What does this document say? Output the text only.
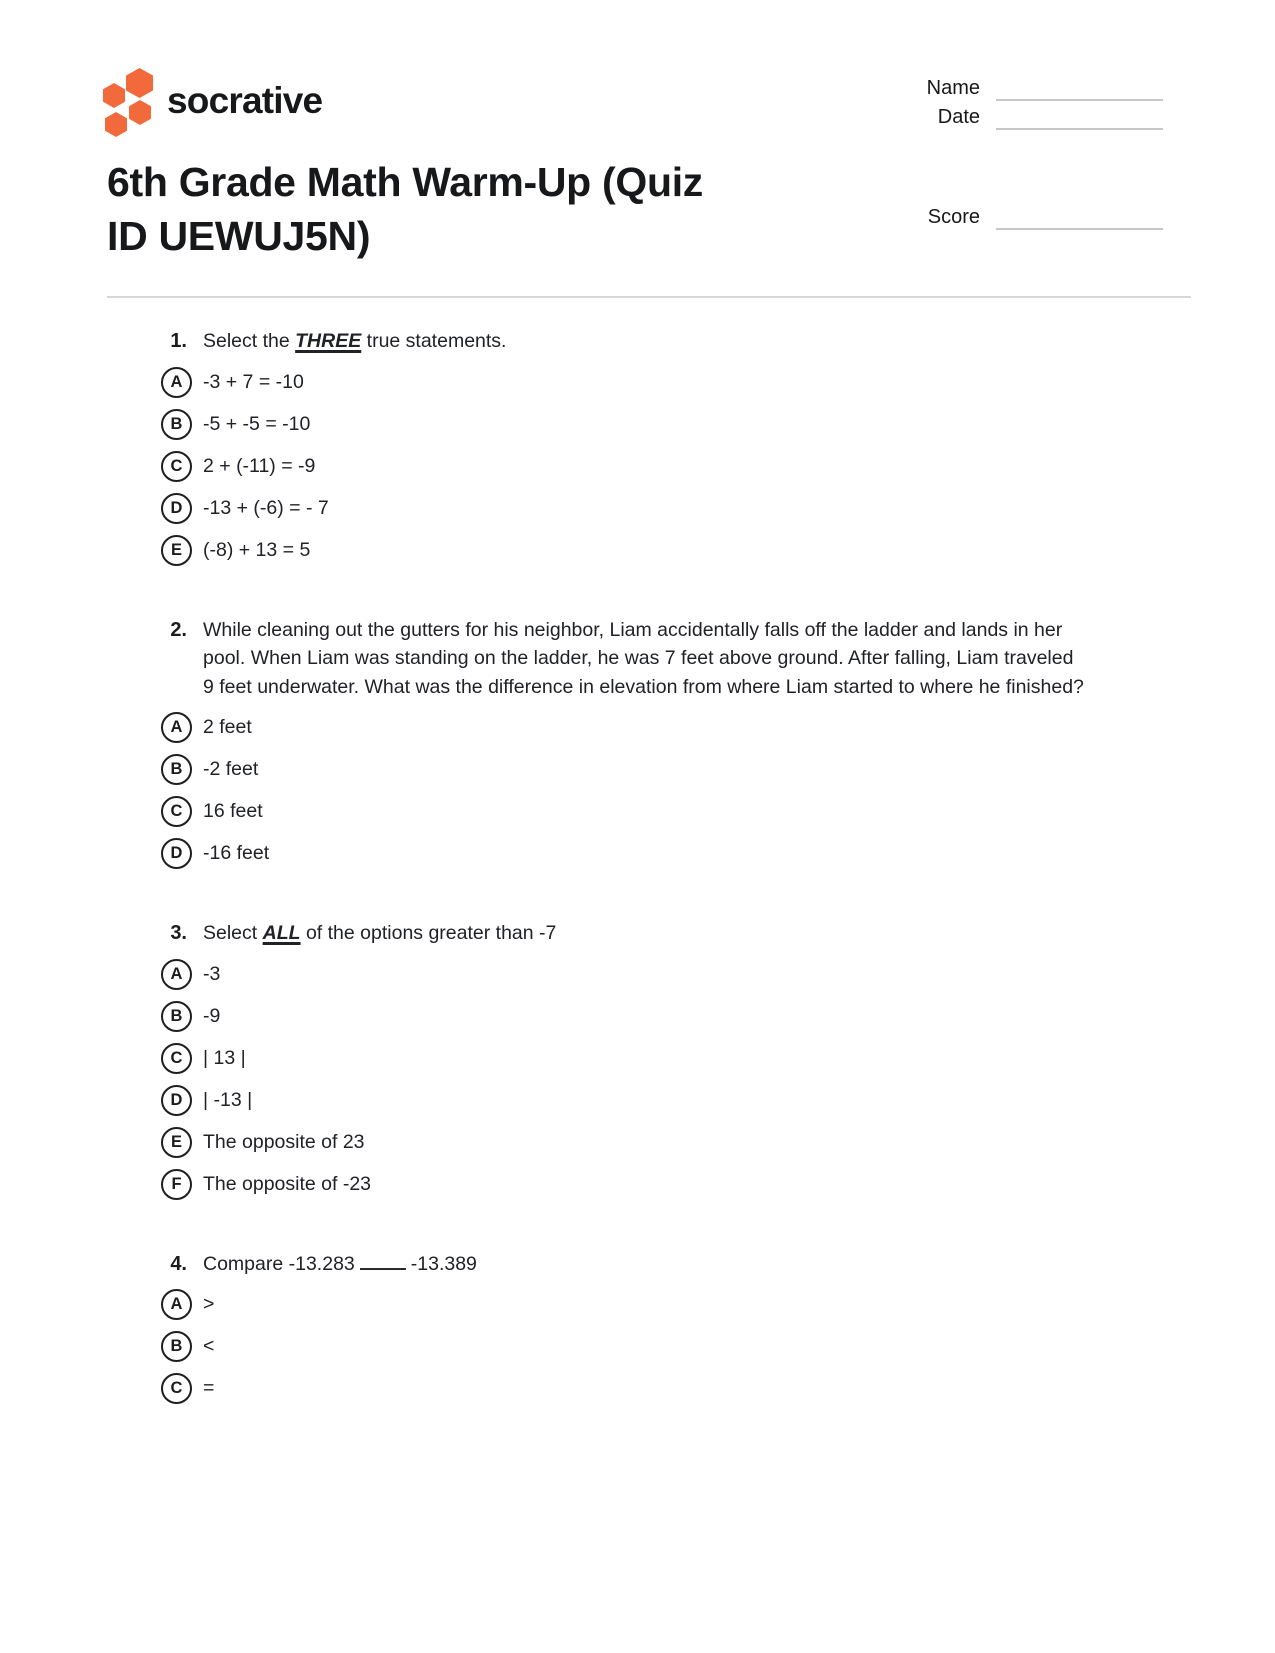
socrative	Name
Date
6th Grade Math Warm-Up (Quiz
ID UEWUJ5N)	Score
1. Select the THREE true statements.

A -3 + 7 = -10
B -5 + -5 = -10
C 2 + (-11) = -9
D -13 + (-6) = - 7
E (-8) + 13 = 5
2. While cleaning out the gutters for his neighbor, Liam accidentally falls off the ladder and lands in her pool. When Liam was standing on the ladder, he was 7 feet above ground. After falling, Liam traveled 9 feet underwater. What was the difference in elevation from where Liam started to where he finished?

A 2 feet
B -2 feet
C 16 feet
D -16 feet
3. Select ALL of the options greater than -7

A -3
B -9
C | 13 |
D | -13 |
E The opposite of 23
F The opposite of -23
4. Compare -13.283	-13.389

A >
B <
C =
